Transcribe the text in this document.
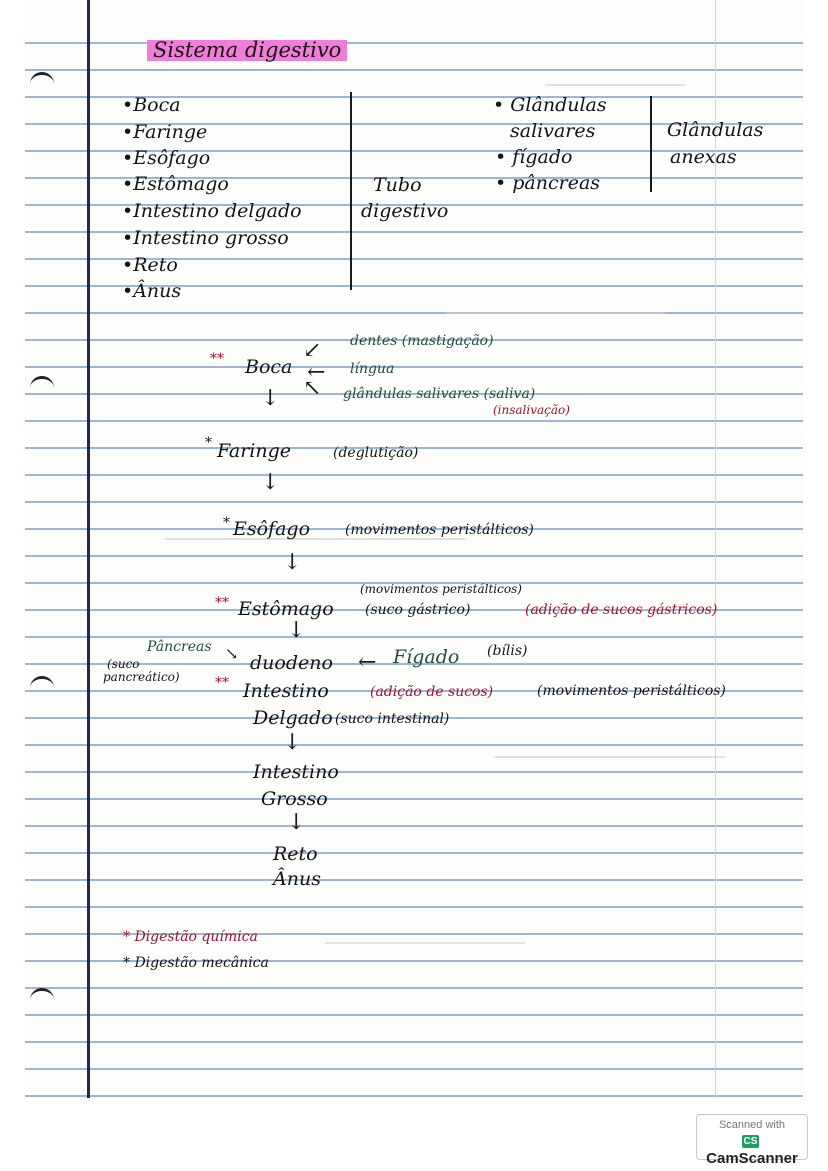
Sistema digestivo
•Boca
•Faringe
•Esôfago
•Estômago
•Intestino delgado
•Intestino grosso
•Reto
•Ânus
Tubo
digestivo
• Glândulas
salivares
• fígado
• pâncreas
Glândulas
anexas
** Boca
dentes (mastigação)
língua
glândulas salivares (saliva)
(insalivação)
↙
←
↖
↓
* Faringe	(deglutição)
↓
* Esôfago (movimentos peristálticos)
↓
(movimentos peristálticos)
** Estômago (suco gástrico)	(adição de sucos gástricos)
↓
Pâncreas
(suco
pancreático)
↘ duodeno ← Fígado (bílis)
** Intestino	(adição de sucos)	(movimentos peristálticos)
Delgado (suco intestinal)
↓
Intestino
Grosso
↓
Reto
Ânus
* Digestão química
* Digestão mecânica
Scanned with
CSCamScanner
